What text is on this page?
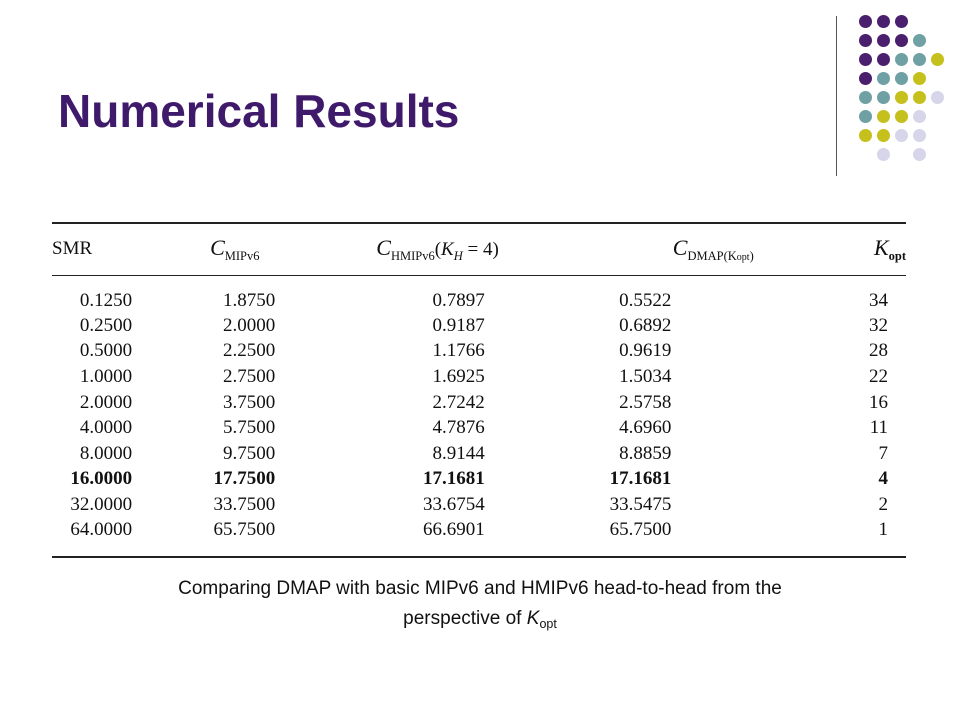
Numerical Results
SMR	$C_{MIPv6}$	$C_{HMIPv6}(K_H = 4)$	$C_{DMAP(Kopt)}$	$K_{opt}$
0.1250	1.8750	0.7897	0.5522	34
0.2500	2.0000	0.9187	0.6892	32
0.5000	2.2500	1.1766	0.9619	28
1.0000	2.7500	1.6925	1.5034	22
2.0000	3.7500	2.7242	2.5758	16
4.0000	5.7500	4.7876	4.6960	11
8.0000	9.7500	8.9144	8.8859	7
16.0000	17.7500	17.1681	17.1681	4
32.0000	33.7500	33.6754	33.5475	2
64.0000	65.7500	66.6901	65.7500	1
Comparing DMAP with basic MIPv6 and HMIPv6 head-to-head from the
perspective of $K_{opt}$
